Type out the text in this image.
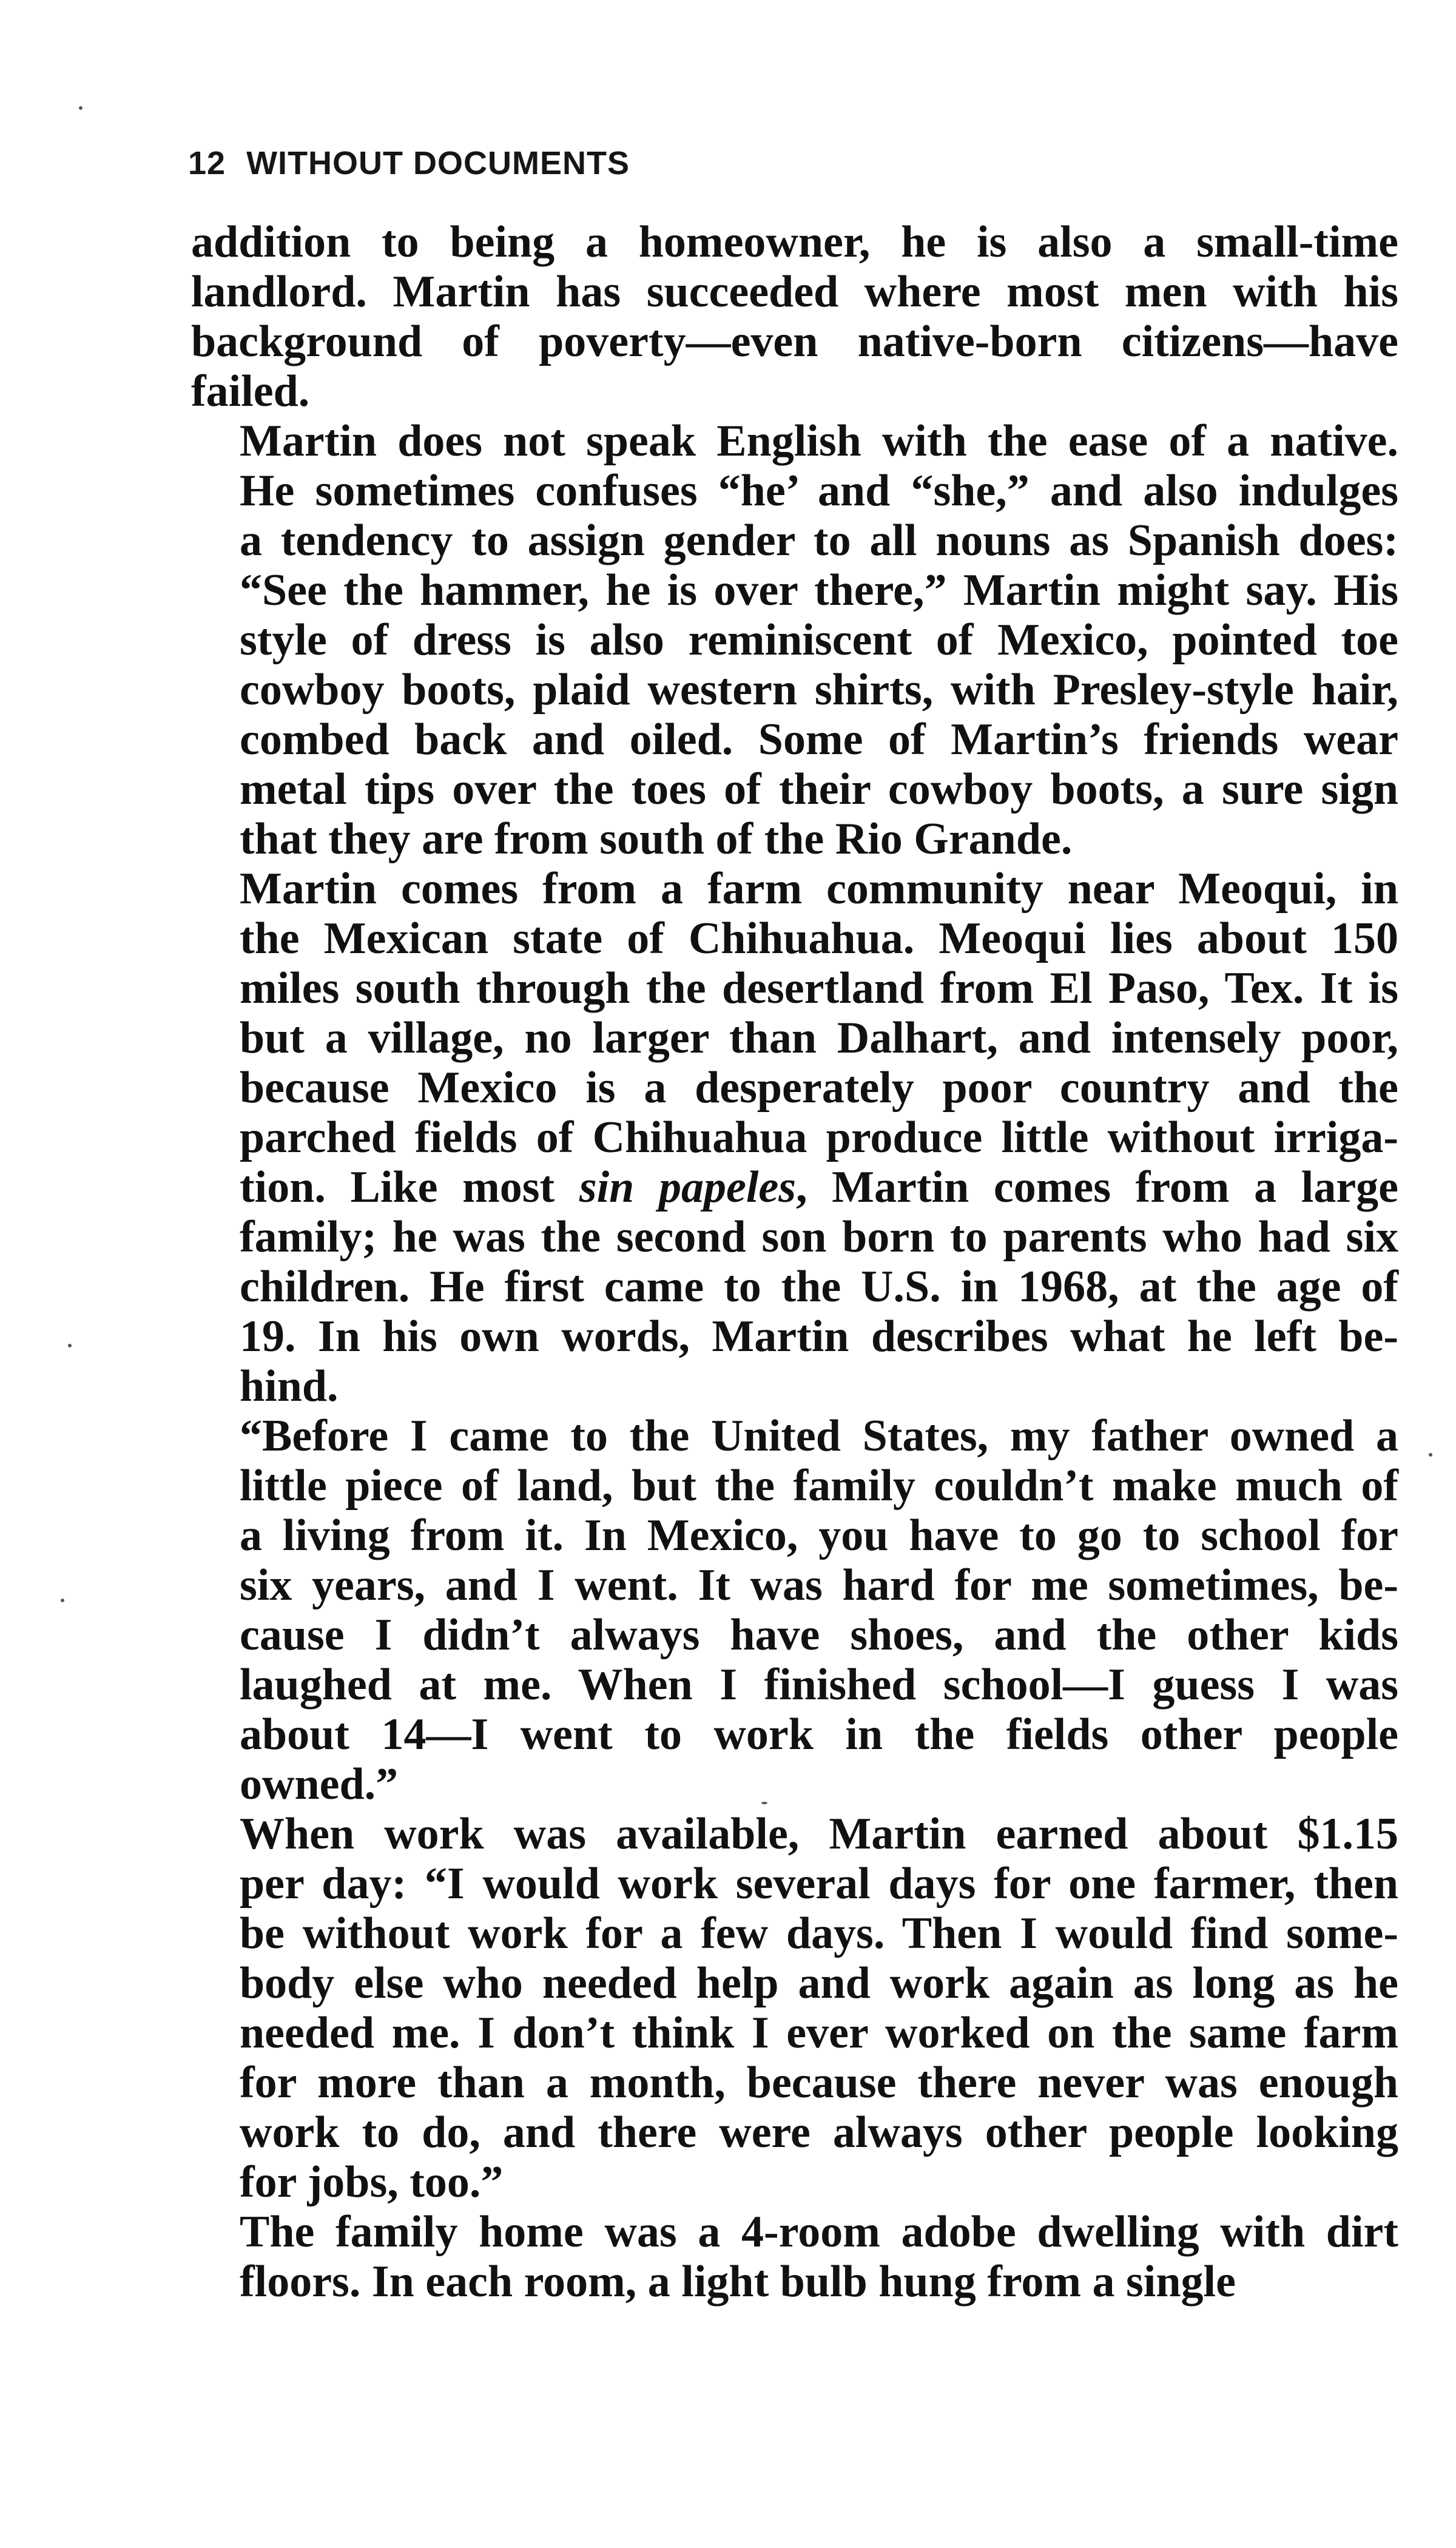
12 WITHOUT DOCUMENTS

addition to being a homeowner, he is also a small-time
landlord. Martin has succeeded where most men with his
background of poverty—even native-born citizens—have
failed.

Martin does not speak English with the ease of a native.
He sometimes confuses “he’ and “she,” and also indulges
a tendency to assign gender to all nouns as Spanish does:
“See the hammer, he is over there,” Martin might say. His
style of dress is also reminiscent of Mexico, pointed toe
cowboy boots, plaid western shirts, with Presley-style hair,
combed back and oiled. Some of Martin’s friends wear
metal tips over the toes of their cowboy boots, a sure sign
that they are from south of the Rio Grande.

Martin comes from a farm community near Meoqui, in
the Mexican state of Chihuahua. Meoqui lies about 150
miles south through the desertland from El Paso, Tex. It is
but a village, no larger than Dalhart, and intensely poor,
because Mexico is a desperately poor country and the
parched fields of Chihuahua produce little without irriga-
tion. Like most sin papeles, Martin comes from a large
family; he was the second son born to parents who had six
children. He first came to the U.S. in 1968, at the age of
19. In his own words, Martin describes what he left be-
hind.

“Before I came to the United States, my father owned a
little piece of land, but the family couldn’t make much of
a living from it. In Mexico, you have to go to school for
six years, and I went. It was hard for me sometimes, be-
cause I didn’t always have shoes, and the other kids
laughed at me. When I finished school—I guess I was
about 14—I went to work in the fields other people
owned.”

When work was available, Martin earned about $1.15
per day: “I would work several days for one farmer, then
be without work for a few days. Then I would find some-
body else who needed help and work again as long as he
needed me. I don’t think I ever worked on the same farm
for more than a month, because there never was enough
work to do, and there were always other people looking
for jobs, too.”

The family home was a 4-room adobe dwelling with dirt
floors. In each room, a light bulb hung from a single
